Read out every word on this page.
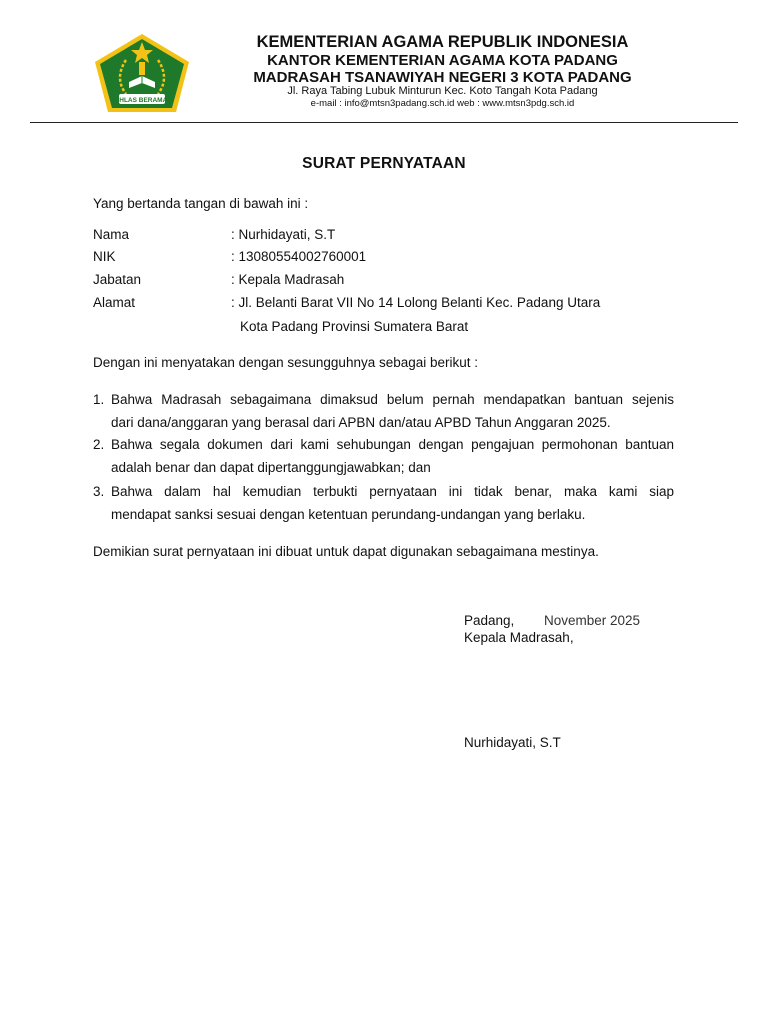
IKHLAS BERAMAL
KEMENTERIAN AGAMA REPUBLIK INDONESIA
KANTOR KEMENTERIAN AGAMA KOTA PADANG
MADRASAH TSANAWIYAH NEGERI 3 KOTA PADANG
Jl. Raya Tabing Lubuk Minturun Kec. Koto Tangah Kota Padang
e-mail : info@mtsn3padang.sch.id web : www.mtsn3pdg.sch.id
SURAT PERNYATAAN
Yang bertanda tangan di bawah ini :
Nama	: Nurhidayati, S.T
NIK	: 13080554002760001
Jabatan	: Kepala Madrasah
Alamat	: Jl. Belanti Barat VII No 14 Lolong Belanti Kec. Padang Utara
Kota Padang Provinsi Sumatera Barat
Dengan ini menyatakan dengan sesungguhnya sebagai berikut :
1. Bahwa Madrasah sebagaimana dimaksud belum pernah mendapatkan bantuan sejenis
dari dana/anggaran yang berasal dari APBN dan/atau APBD Tahun Anggaran 2025.
2. Bahwa segala dokumen dari kami sehubungan dengan pengajuan permohonan bantuan
adalah benar dan dapat dipertanggungjawabkan; dan
3. Bahwa dalam hal kemudian terbukti pernyataan ini tidak benar, maka kami siap
mendapat sanksi sesuai dengan ketentuan perundang-undangan yang berlaku.
Demikian surat pernyataan ini dibuat untuk dapat digunakan sebagaimana mestinya.
Padang, November 2025
Kepala Madrasah,
Nurhidayati, S.T
